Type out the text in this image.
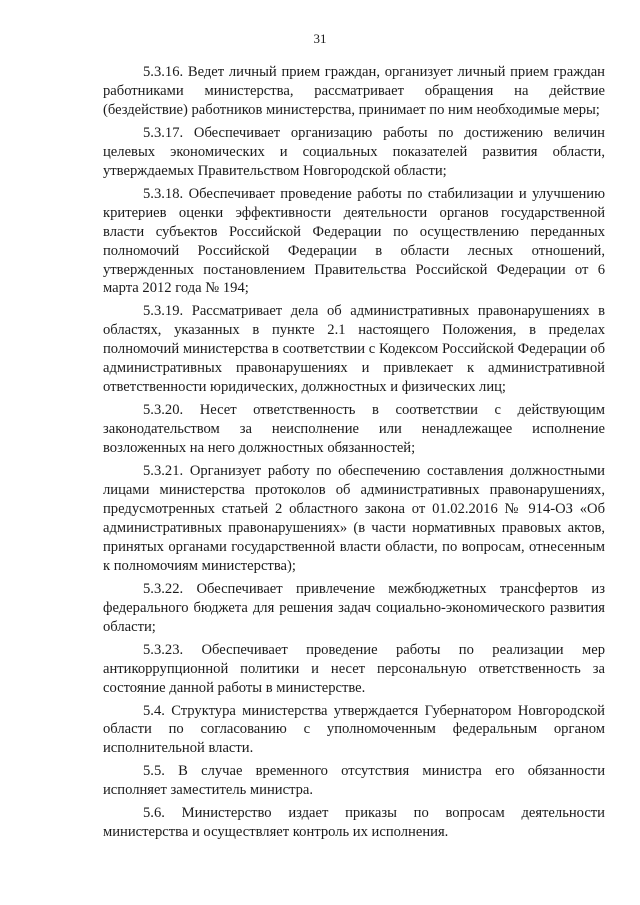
31

5.3.16. Ведет личный прием граждан, организует личный прием граждан работниками министерства, рассматривает обращения на действие (бездействие) работников министерства, принимает по ним необходимые меры;

5.3.17. Обеспечивает организацию работы по достижению величин целевых экономических и социальных показателей развития области, утверждаемых Правительством Новгородской области;

5.3.18. Обеспечивает проведение работы по стабилизации и улучшению критериев оценки эффективности деятельности органов государственной власти субъектов Российской Федерации по осуществлению переданных полномочий Российской Федерации в области лесных отношений, утвержденных постановлением Правительства Российской Федерации от 6 марта 2012 года № 194;

5.3.19. Рассматривает дела об административных правонарушениях в областях, указанных в пункте 2.1 настоящего Положения, в пределах полномочий министерства в соответствии с Кодексом Российской Федерации об административных правонарушениях и привлекает к административной ответственности юридических, должностных и физических лиц;

5.3.20. Несет ответственность в соответствии с действующим законодательством за неисполнение или ненадлежащее исполнение возложенных на него должностных обязанностей;

5.3.21. Организует работу по обеспечению составления должностными лицами министерства протоколов об административных правонарушениях, предусмотренных статьей 2 областного закона от 01.02.2016 № 914-ОЗ «Об административных правонарушениях» (в части нормативных правовых актов, принятых органами государственной власти области, по вопросам, отнесенным к полномочиям министерства);

5.3.22. Обеспечивает привлечение межбюджетных трансфертов из федерального бюджета для решения задач социально-экономического развития области;

5.3.23. Обеспечивает проведение работы по реализации мер антикоррупционной политики и несет персональную ответственность за состояние данной работы в министерстве.

5.4. Структура министерства утверждается Губернатором Новгородской области по согласованию с уполномоченным федеральным органом исполнительной власти.

5.5. В случае временного отсутствия министра его обязанности исполняет заместитель министра.

5.6. Министерство издает приказы по вопросам деятельности министерства и осуществляет контроль их исполнения.
